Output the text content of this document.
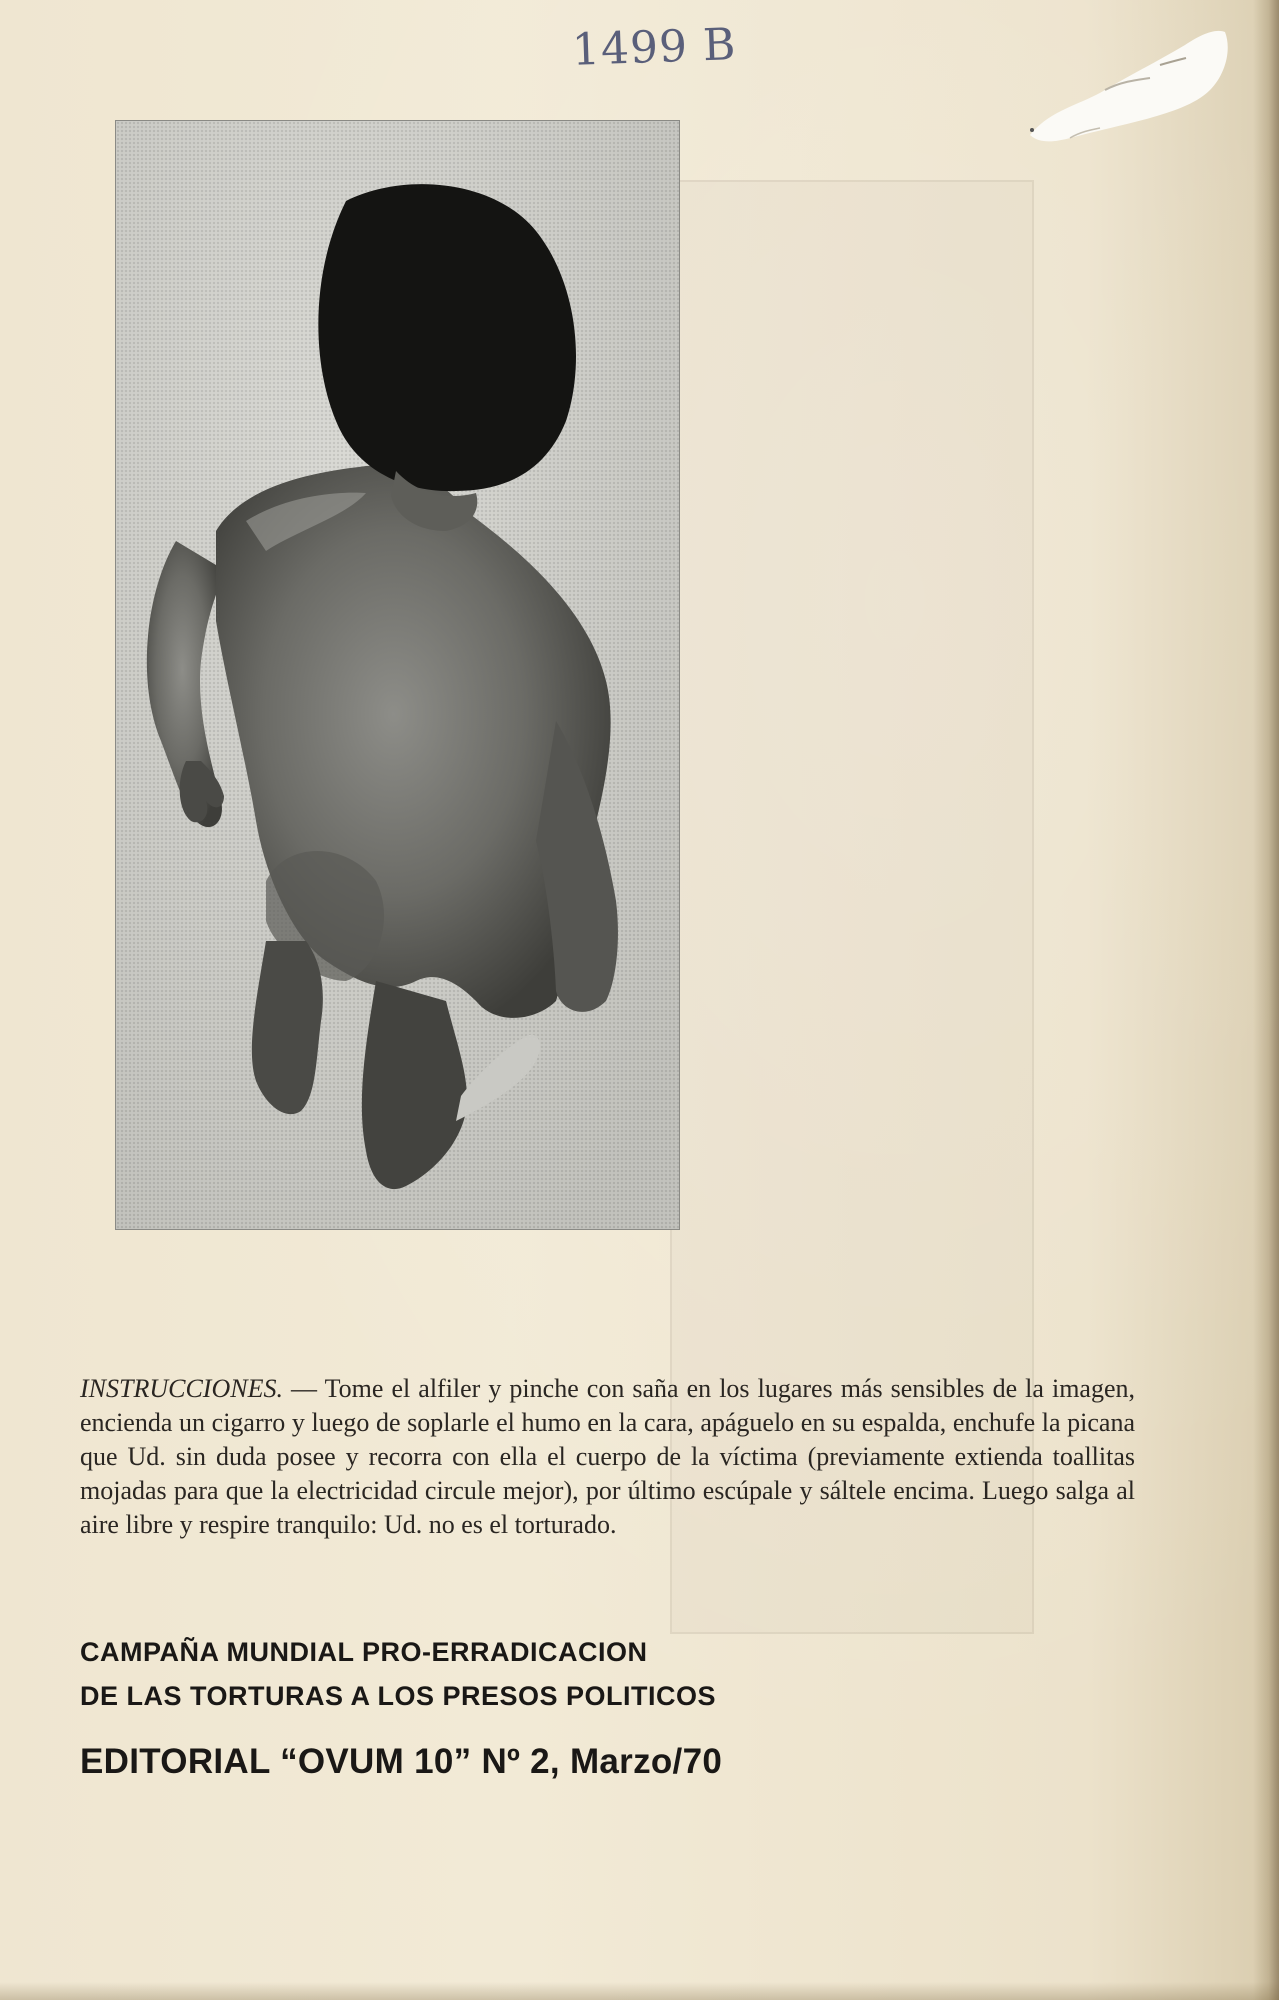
1499 B

INSTRUCCIONES. — Tome el alfiler y pinche con saña en los lugares más sensibles de la imagen, encienda un cigarro y luego de soplarle el humo en la cara, apáguelo en su espalda, enchufe la picana que Ud. sin duda posee y recorra con ella el cuerpo de la víctima (previamente extienda toallitas mojadas para que la electricidad circule mejor), por último escúpale y sáltele encima. Luego salga al aire libre y respire tranquilo: Ud. no es el torturado.

CAMPAÑA MUNDIAL PRO-ERRADICACION
DE LAS TORTURAS A LOS PRESOS POLITICOS
EDITORIAL “OVUM 10” Nº 2, Marzo/70
